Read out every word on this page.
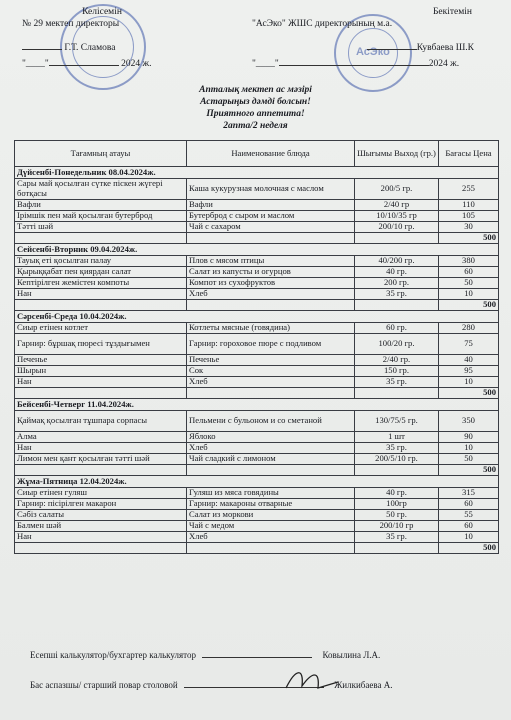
АсЭко
Келісемін
№ 29 мектеп директоры
Г.Т. Сламова
"____"	2024 ж.
Бекітемін
"АсЭко" ЖШС директорының м.а.
Кувбаева Ш.К
"____"	2024 ж.
Апталық мектеп ас мәзірі
Астарыңыз дәмді болсын!
Приятного аппетита!
2апта/2 неделя
Тағамның атауы	Наименование блюда	Шығымы Выход (гр.)	Бағасы Цена
Дүйсенбі-Понедельник 08.04.2024ж.			
Сары май қосылған сүтке піскен жүгері ботқасы	Каша кукурузная молочная с маслом	200/5 гр.	255
Вафли	Вафли	2/40 гр	110
Ірімшік пен май қосылған бутерброд	Бутерброд с сыром и маслом	10/10/35 гр	105
Тәтті шәй	Чай с сахаром	200/10 гр.	30
			500
Сейсенбі-Вторник 09.04.2024ж.			
Тауық еті қосылған палау	Плов с мясом птицы	40/200 гр.	380
Қырыққабат пен қиярдан салат	Салат из капусты и огурцов	40 гр.	60
Кептірілген жемістен компоты	Компот из сухофруктов	200 гр.	50
Нан	Хлеб	35 гр.	10
			500
Сәрсенбі-Среда 10.04.2024ж.			
Сиыр етінен котлет	Котлеты мясные (говядина)	60 гр.	280
Гарнир: бұршақ пюресі тұздығымен	Гарнир: гороховое пюре с подливом	100/20 гр.	75
Печенье	Печенье	2/40 гр.	40
Шырын	Сок	150 гр.	95
Нан	Хлеб	35 гр.	10
			500
Бейсенбі-Четверг 11.04.2024ж.			
Қаймақ қосылған тұшпара сорпасы	Пельмени с бульоном и со сметаной	130/75/5 гр.	350
Алма	Яблоко	1 шт	90
Нан	Хлеб	35 гр.	10
Лимон мен қант қосылған тәтті шәй	Чай сладкий с лимоном	200/5/10 гр.	50
			500
Жұма-Пятница 12.04.2024ж.			
Сиыр етінен гуляш	Гуляш из мяса говядины	40 гр.	315
Гарнир: пісірілген макарон	Гарнир: макароны отварные	100гр	60
Сәбіз салаты	Салат из моркови	50 гр.	55
Балмен шәй	Чай с медом	200/10 гр	60
Нан	Хлеб	35 гр.	10
			500
Есепші калькулятор/бухгартер калькулятор	Ковылина Л.А.
Бас аспазшы/ старший повар столовой	Жилкибаева А.
